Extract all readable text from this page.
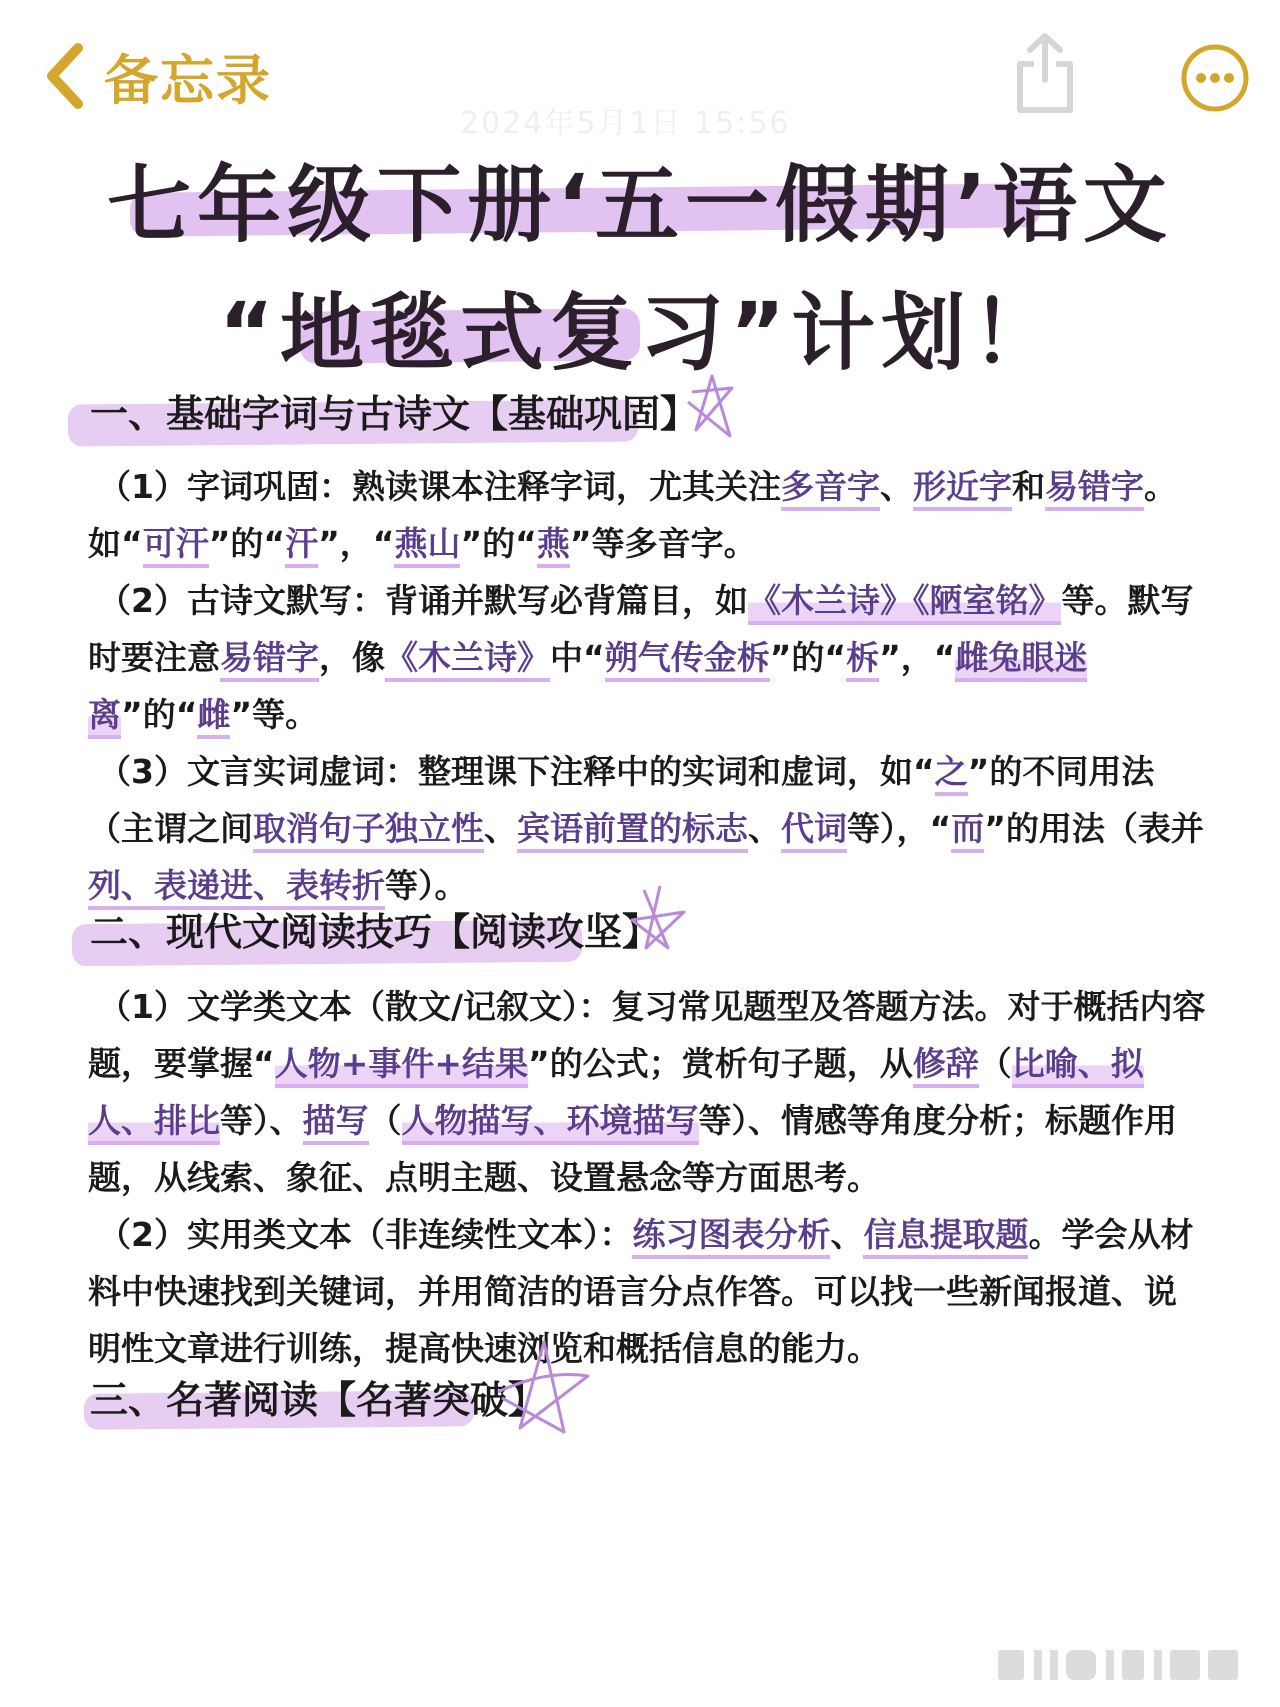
备忘录
2024年5月1日 15:56
七年级下册‘五一假期’语文
“地毯式复习”计划！
一、基础字词与古诗文【基础巩固】

（1）字词巩固：熟读课本注释字词，尤其关注多音字、形近字和易错字。如“可汗”的“汗”，“燕山”的“燕”等多音字。

（2）古诗文默写：背诵并默写必背篇目，如《木兰诗》《陋室铭》等。默写时要注意易错字，像《木兰诗》中“朔气传金柝”的“柝”，“雌兔眼迷离”的“雌”等。

（3）文言实词虚词：整理课下注释中的实词和虚词，如“之”的不同用法（主谓之间取消句子独立性、宾语前置的标志、代词等），“而”的用法（表并列、表递进、表转折等）。

二、现代文阅读技巧【阅读攻坚】

（1）文学类文本（散文/记叙文）：复习常见题型及答题方法。对于概括内容题，要掌握“人物+事件+结果”的公式；赏析句子题，从修辞（比喻、拟人、排比等）、描写（人物描写、环境描写等）、情感等角度分析；标题作用题，从线索、象征、点明主题、设置悬念等方面思考。

（2）实用类文本（非连续性文本）：练习图表分析、信息提取题。学会从材料中快速找到关键词，并用简洁的语言分点作答。可以找一些新闻报道、说明性文章进行训练，提高快速浏览和概括信息的能力。

三、名著阅读【名著突破】
